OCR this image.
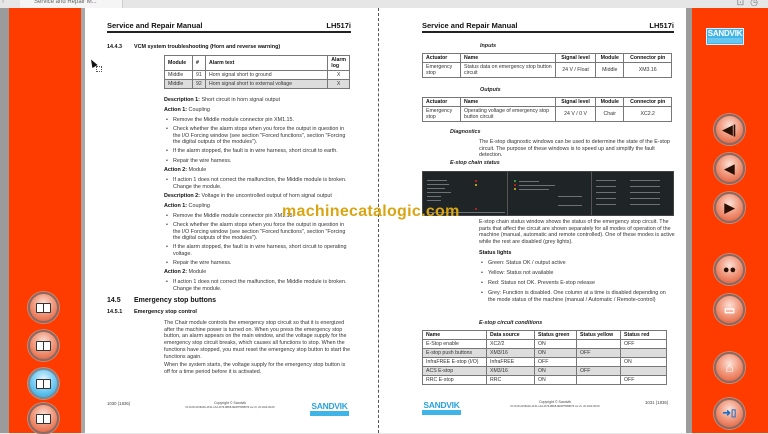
›	Service and Repair M...	⊡◷
SANDVIK
◀|
◀
▶
●●
▭
⌂
➜▯
Service and Repair Manual	LH517i
14.4.3 VCM system troubleshooting (Horn and reverse warning)
Module	#	Alarm text	Alarm log
Middle	91	Horn signal short to ground	X
Middle	92	Horn signal short to external voltage	X
Description 1: Short circuit in horn signal output
Action 1: Coupling
• Remove the Middle module connector pin XM1.15.
• Check whether the alarm stops when you force the output in question in the I/O Forcing window (see section "Forced functions", section "Forcing the digital outputs of the modules").
• If the alarm stopped, the fault is in wire harness, short circuit to earth.
• Repair the wire harness.
Action 2: Module
• If action 1 does not correct the malfunction, the Middle module is broken. Change the module.
Description 2: Voltage in the uncontrolled output of horn signal output
Action 1: Coupling
• Remove the Middle module connector pin XM1.15.
• Check whether the alarm stops when you force the output in question in the I/O Forcing window (see section "Forced functions", section "Forcing the digital outputs of the modules").
• If the alarm stopped, the fault is in wire harness, short circuit to operating voltage.
• Repair the wire harness.
Action 2: Module
• If action 1 does not correct the malfunction, the Middle module is broken. Change the module.
14.5 Emergency stop buttons
14.5.1 Emergency stop control
The Chair module controls the emergency stop circuit so that it is energized after the machine power is turned on. When you press the emergency stop button, an alarm appears on the main window, and the voltage supply for the emergency stop circuit breaks, which causes all functions to stop. When the functions have stopped, you must reset the emergency stop button to start the functions again.
When the system starts, the voltage supply for the emergency stop button is off for a time period before it is activated.
1030 (1836)	Copyright © Sandvik
ID:CUID-0158A0A-1F41-1A3-4479-9BD8-9E08755B8979 ver:v0, 20 2022-09-08	SANDVIK
Service and Repair Manual	LH517i
Inputs
Actuator	Name	Signal level	Module	Connector pin
Emergency stop	Status data on emergency stop button circuit	24 V / Float	Middle	XM3.16
Outputs
Actuator	Name	Signal level	Module	Connector pin
Emergency stop	Operating voltage of emergency stop button circuit	24 V / 0 V	Chair	XC2.2
Diagnostics
The E-stop diagnostic windows can be used to determine the state of the E-stop circuit. The purpose of these windows is to speed up and simplify the fault detection.
E-stop chain status
E-stop chain status window shows the status of the emergency stop circuit. The parts that affect the circuit are shown separately for all modes of operation of the machine (manual, automatic and remote controlled). One of these modes is active while the rest are disabled (grey lights).
Status lights
• Green: Status OK / output active
• Yellow: Status not available
• Red: Status not OK. Prevents E-stop release
• Grey: Function is disabled. One column at a time is disabled depending on the mode status of the machine (manual / Automatic / Remote-control)
E-stop circuit conditions
Name	Data source	Status green	Status yellow	Status red
E-Stop enable	XC2/2	ON		OFF
E-stop push buttons	XM3/16	ON	OFF	
InfraFREE E-stop (I/O)	InfraFREE	OFF		ON
ACS E-stop	XM3/16	ON	OFF	
RRC E-stop	RRC	ON		OFF
SANDVIK	Copyright © Sandvik
ID:CUID-0158A0A-1F41-1A3-4479-9BD8-9E08755B8979 ver:v0, 20 2022-09-08
1031 (1836)
machinecatalogic.com
